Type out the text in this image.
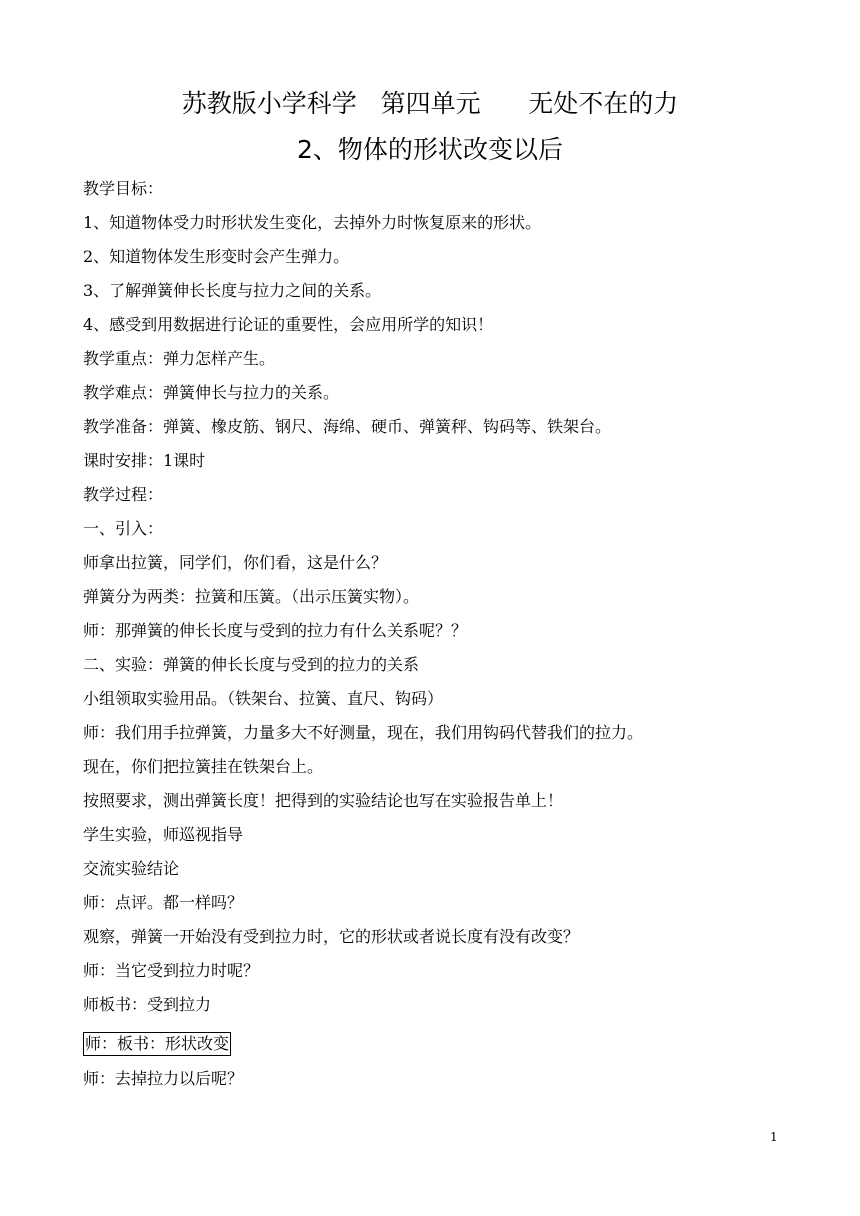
苏教版小学科学   第四单元      无处不在的力
2、物体的形状改变以后

教学目标：

1、知道物体受力时形状发生变化，去掉外力时恢复原来的形状。

2、知道物体发生形变时会产生弹力。

3、了解弹簧伸长长度与拉力之间的关系。

4、感受到用数据进行论证的重要性，会应用所学的知识！

教学重点：弹力怎样产生。

教学难点：弹簧伸长与拉力的关系。

教学准备：弹簧、橡皮筋、钢尺、海绵、硬币、弹簧秤、钩码等、铁架台。

课时安排：1课时

教学过程：

一、引入：

师拿出拉簧，同学们，你们看，这是什么？

弹簧分为两类：拉簧和压簧。（出示压簧实物）。

师：那弹簧的伸长长度与受到的拉力有什么关系呢？？

二、实验：弹簧的伸长长度与受到的拉力的关系

小组领取实验用品。（铁架台、拉簧、直尺、钩码）

师：我们用手拉弹簧，力量多大不好测量，现在，我们用钩码代替我们的拉力。

现在，你们把拉簧挂在铁架台上。

按照要求，测出弹簧长度！把得到的实验结论也写在实验报告单上！

学生实验，师巡视指导

交流实验结论

师：点评。都一样吗？

观察，弹簧一开始没有受到拉力时，它的形状或者说长度有没有改变？

师：当它受到拉力时呢？

师板书：受到拉力

师：板书：形状改变

师：去掉拉力以后呢？

1
